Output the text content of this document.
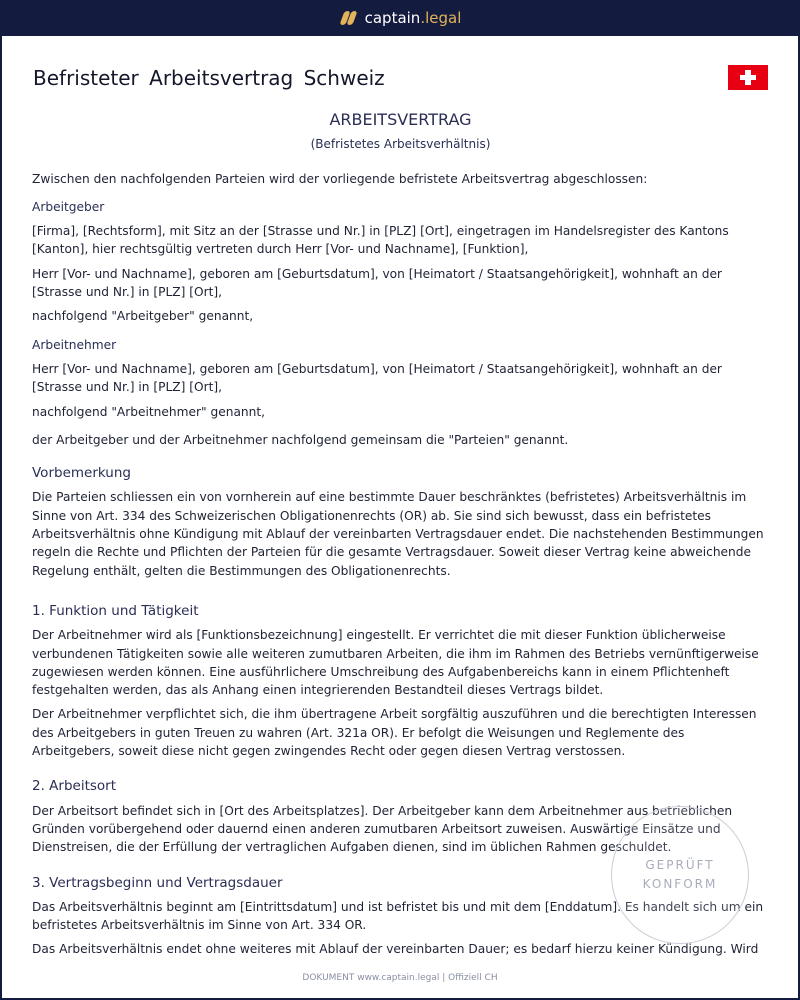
captain.legal
Befristeter Arbeitsvertrag Schweiz
ARBEITSVERTRAG

(Befristetes Arbeitsverhältnis)

Zwischen den nachfolgenden Parteien wird der vorliegende befristete Arbeitsvertrag abgeschlossen:

Arbeitgeber

[Firma], [Rechtsform], mit Sitz an der [Strasse und Nr.] in [PLZ] [Ort], eingetragen im Handelsregister des Kantons [Kanton], hier rechtsgültig vertreten durch Herr [Vor- und Nachname], [Funktion],

Herr [Vor- und Nachname], geboren am [Geburtsdatum], von [Heimatort / Staatsangehörigkeit], wohnhaft an der [Strasse und Nr.] in [PLZ] [Ort],

nachfolgend "Arbeitgeber" genannt,

Arbeitnehmer

Herr [Vor- und Nachname], geboren am [Geburtsdatum], von [Heimatort / Staatsangehörigkeit], wohnhaft an der [Strasse und Nr.] in [PLZ] [Ort],

nachfolgend "Arbeitnehmer" genannt,

der Arbeitgeber und der Arbeitnehmer nachfolgend gemeinsam die "Parteien" genannt.

Vorbemerkung

Die Parteien schliessen ein von vornherein auf eine bestimmte Dauer beschränktes (befristetes) Arbeitsverhältnis im Sinne von Art. 334 des Schweizerischen Obligationenrechts (OR) ab. Sie sind sich bewusst, dass ein befristetes Arbeitsverhältnis ohne Kündigung mit Ablauf der vereinbarten Vertragsdauer endet. Die nachstehenden Bestimmungen regeln die Rechte und Pflichten der Parteien für die gesamte Vertragsdauer. Soweit dieser Vertrag keine abweichende Regelung enthält, gelten die Bestimmungen des Obligationenrechts.

1. Funktion und Tätigkeit

Der Arbeitnehmer wird als [Funktionsbezeichnung] eingestellt. Er verrichtet die mit dieser Funktion üblicherweise verbundenen Tätigkeiten sowie alle weiteren zumutbaren Arbeiten, die ihm im Rahmen des Betriebs vernünftigerweise zugewiesen werden können. Eine ausführlichere Umschreibung des Aufgabenbereichs kann in einem Pflichtenheft festgehalten werden, das als Anhang einen integrierenden Bestandteil dieses Vertrags bildet.

Der Arbeitnehmer verpflichtet sich, die ihm übertragene Arbeit sorgfältig auszuführen und die berechtigten Interessen des Arbeitgebers in guten Treuen zu wahren (Art. 321a OR). Er befolgt die Weisungen und Reglemente des Arbeitgebers, soweit diese nicht gegen zwingendes Recht oder gegen diesen Vertrag verstossen.

2. Arbeitsort

Der Arbeitsort befindet sich in [Ort des Arbeitsplatzes]. Der Arbeitgeber kann dem Arbeitnehmer aus betrieblichen Gründen vorübergehend oder dauernd einen anderen zumutbaren Arbeitsort zuweisen. Auswärtige Einsätze und Dienstreisen, die der Erfüllung der vertraglichen Aufgaben dienen, sind im üblichen Rahmen geschuldet.

3. Vertragsbeginn und Vertragsdauer

Das Arbeitsverhältnis beginnt am [Eintrittsdatum] und ist befristet bis und mit dem [Enddatum]. Es handelt sich um ein befristetes Arbeitsverhältnis im Sinne von Art. 334 OR.

Das Arbeitsverhältnis endet ohne weiteres mit Ablauf der vereinbarten Dauer; es bedarf hierzu keiner Kündigung. Wird

GEPRÜFT
KONFORM
DOKUMENT www.captain.legal | Offiziell CH
